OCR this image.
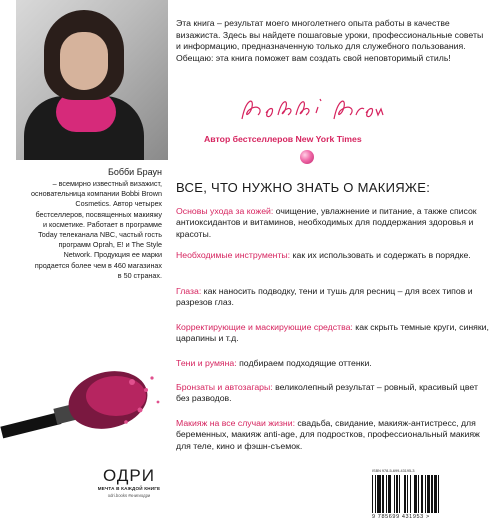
Бобби Браун
– всемирно известный визажист, основательница компании Bobbi Brown Cosmetics. Автор четырех бестселлеров, посвященных макияжу и косметике. Работает в программе Today телеканала NBC, частый гость программ Oprah, E! и The Style Network. Продукция ее марки продается более чем в 460 магазинах в 50 странах.
ОДРИ
МЕЧТА В КАЖДОЙ КНИГЕ
odri.books #книгиодри
Эта книга – результат моего многолетнего опыта работы в качестве визажиста. Здесь вы найдете пошаговые уроки, профессиональные советы и информацию, предназначенную только для служебного пользования. Обещаю: эта книга поможет вам создать свой неповторимый стиль!
Автор бестселлеров New York Times
ВСЕ, ЧТО НУЖНО ЗНАТЬ О МАКИЯЖЕ:
Основы ухода за кожей: очищение, увлажнение и питание, а также список антиоксидантов и витаминов, необходимых для поддержания здоровья и красоты.
Необходимые инструменты: как их использовать и содержать в порядке.
Глаза: как наносить подводку, тени и тушь для ресниц – для всех типов и разрезов глаз.
Корректирующие и маскирующие средства: как скрыть темные круги, синяки, царапины и т.д.
Тени и румяна: подбираем подходящие оттенки.
Бронзаты и автозагары: великолепный результат – ровный, красивый цвет без разводов.
Макияж на все случаи жизни: свадьба, свидание, макияж-антистресс, для беременных, макияж anti-age, для подростков, профессиональный макияж для теле, кино и фэшн-съемок.
ISBN 978-5-699-43195-3
9 785699 431953 >
